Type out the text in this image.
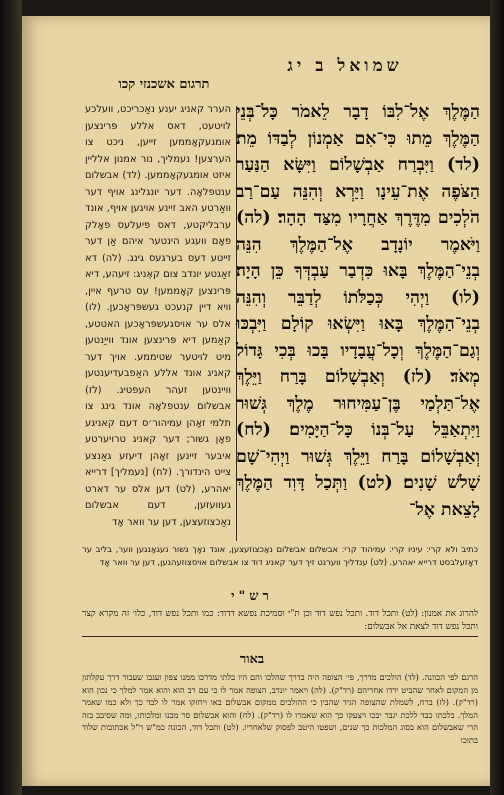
שמואל ב יג
תרגום אשכנזי קכו

הַמֶּלֶךְ אֶל־לִבּוֹ דָבָר לֵאמֹר כָּל־בְּנֵי הַמֶּלֶךְ מֵתוּ כִּי־אִם אַמְנוֹן לְבַדּוֹ מֵת׃ (לד) וַיִּבְרַח אַבְשָׁלוֹם וַיִּשָּׂא הַנַּעַר הַצֹּפֶה אֶת־עֵינָו וַיַּרְא וְהִנֵּה עַם־רַב הֹלְכִים מִדֶּרֶךְ אַחֲרָיו מִצַּד הָהָר׃ (לה) וַיֹּאמֶר יוֹנָדָב אֶל־הַמֶּלֶךְ הִנֵּה בְנֵי־הַמֶּלֶךְ בָּאוּ כִּדְבַר עַבְדְּךָ כֵּן הָיָה׃ (לו) וַיְהִי כְּכַלֹּתוֹ לְדַבֵּר וְהִנֵּה בְנֵי־הַמֶּלֶךְ בָּאוּ וַיִּשְׂאוּ קוֹלָם וַיִּבְכּוּ וְגַם־הַמֶּלֶךְ וְכָל־עֲבָדָיו בָּכוּ בְּכִי גָּדוֹל מְאֹד׃ (לז) וְאַבְשָׁלוֹם בָּרַח וַיֵּלֶךְ אֶל־תַּלְמַי בֶּן־עַמִּיחוּר מֶלֶךְ גְּשׁוּר וַיִּתְאַבֵּל עַל־בְּנוֹ כָּל־הַיָּמִים׃ (לח) וְאַבְשָׁלוֹם בָּרַח וַיֵּלֶךְ גְּשׁוּר וַיְהִי־שָׁם שָׁלֹשׁ שָׁנִים׃ (לט) וַתְּכַל דָּוִד הַמֶּלֶךְ לָצֵאת אֶל־

הערר קאניג יענע נאַכריכט, וועלכע לויטעט, דאס אללע פּרינצען אומגעקאָממען זייען, ניכט צו הערצען! נעמליך, נור אמנון אלליין איזט אומגעקאָממען. (לד) אבשלום ענטפלאָה. דער יונגלינג אויף דער וואַרטע האב זיינע אויגען אויף, אונד ערבליקטע, דאס פיעלעס פאָלק פאָם וועגע הינטער איהם אַן דער זייטע דעס בערגעס גינג. (לה) דא זאַגטע יונדב צום קאֶניג: זיעהע, דיא פּרינצען קאָממען! עס טרעף איין, וויא דיין קנעכט געשפּראָכען. (לו) אלס ער אויסגעשפּראָכען האטטע, קאַמען דיא פּרינצען אונד ווייַנטען מיט לויטער שטיממע. אויך דער קאניג אונד אללע האַפבעדיענטען וויינטען זעהר העפטיג. (לז) אבשלום ענטפלאָה אונד גינג צו תלמי זאָהן עמיהור׳ס דעם קאניגע פאָן גשור; דער קאניג טרויערטע איבער זיינען זאָהן דיעזע גאַנצע צייט הינדורך. (לח) [נעמליך] דרייא יאהרע, (לט) דען אלס ער דארט געוועזען, דעם אבשלום נאַכצוזעצען, דען ער וואר אָד

כתיב ולא קרי׃ עיניו קרי׃ עמיהוד קרי׃ אבשלום אבשלום נאַכצוזעצען, אונד נאָך גשור נעגאַנגען ווער, בליב ער דאָזעלבסט דרייא יאהרע. (לט) ענדליך ווערנט זיך דער קאניג דוד צו אבשלום אויסצוזעהנען, דען ער וואר אָד

רש"י

להרוג את אמנון: (לט) ותכל דוד. ותכל נפש דוד וכן ת"י וסמיכת נפשא דדוד: כמו ותכל נפש דוד, כלו׳ זה מקרא קצר ותכל נפש דוד לצאת אל אבשלום:

באור

הרגם לפי הכוונה. (לד) הולכים מדרך, פי׳ הצופה היה בדרך שהלכו והם היו בלתי מדרכו ממנו צפון ועגבו שעבור דרך עקלתון מן המקום לאחר שהביט ירדו אחריהם (רד"ק). (לה) ויאמר יונדב, הצופה אמר לו כי עם רב הוא והוא אמר למלך כי נכון הוא (רד"ק). (לז) ברח, לשמלת שהצופה הגיד שהבין כי ההולכים ממקום אבשלום באו ויחזקו אמר לו לבד כך ולא כמו שאמר המלך. בלכתו כבד ללכת יגבר יבכו ויצעקו כך הוא שאמרו לו (רד"ק). (לח) והוא אבשלום סר מבנו ומלכותו, ומה שסיבב בזה הרי שאבשלום הוא בסוג המלכות כך שנים, ושפטו היטב לפסוק שלאחריו. (לט) ותכל דוד, הכונה כמ"ש ר"ל אכתובות שלוד בתוכו
